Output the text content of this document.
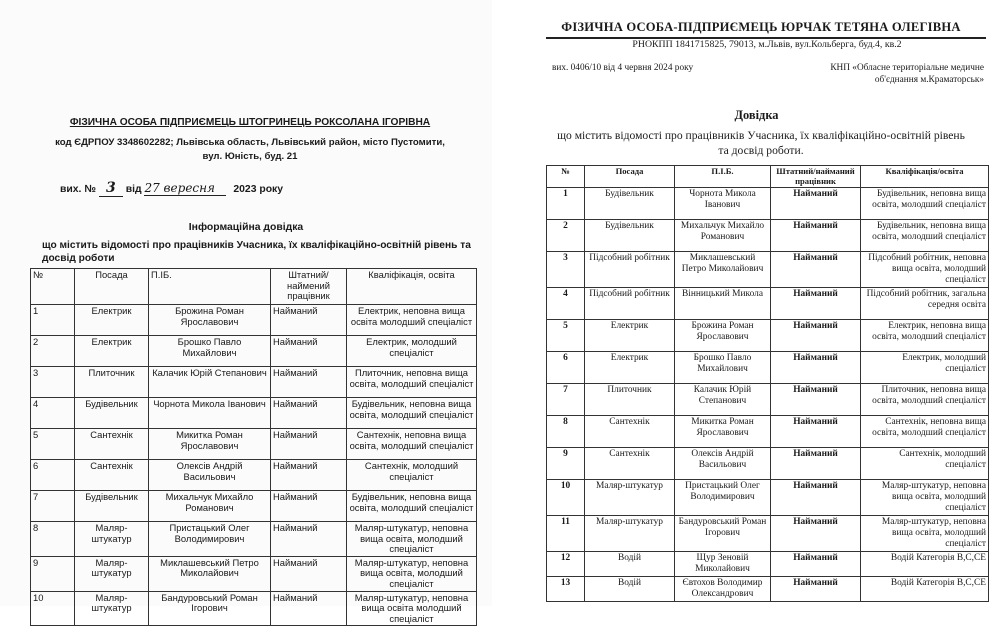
ФІЗИЧНА ОСОБА ПІДПРИЄМЕЦЬ ШТОГРИНЕЦЬ РОКСОЛАНА ІГОРІВНА
код ЄДРПОУ 3348602282; Львівська область, Львівський район, місто Пустомити,
вул. Юність, буд. 21
вих. № 3 від 27 вересня 2023 року
Інформаційна довідка
що містить відомості про працівників Учасника, їх кваліфікаційно-освітній рівень та
досвід роботи
№	Посада	П.ІБ.	Штатний/ наймений працівник	Кваліфікація, освіта
1	Електрик	Брожина Роман Ярославович	Найманий	Електрик, неповна вища освіта молодший спеціаліст
2	Електрик	Брошко Павло Михайлович	Найманий	Електрик, молодший спеціаліст
3	Плиточник	Калачик Юрій Степанович	Найманий	Плиточник, неповна вища освіта, молодший спеціаліст
4	Будівельник	Чорнота Микола Іванович	Найманий	Будівельник, неповна вища освіта, молодший спеціаліст
5	Сантехнік	Микитка Роман Ярославович	Найманий	Сантехнік, неповна вища освіта, молодший спеціаліст
6	Сантехнік	Олексів Андрій Васильович	Найманий	Сантехнік, молодший спеціаліст
7	Будівельник	Михальчук Михайло Романович	Найманий	Будівельник, неповна вища освіта, молодший спеціаліст
8	Маляр-штукатур	Пристацький Олег Володимирович	Найманий	Маляр-штукатур, неповна вища освіта, молодший спеціаліст
9	Маляр-штукатур	Миклашевський Петро Миколайович	Найманий	Маляр-штукатур, неповна вища освіта, молодший спеціаліст
10	Маляр-штукатур	Бандуровський Роман Ігорович	Найманий	Маляр-штукатур, неповна вища освіта молодший спеціаліст
ФІЗИЧНА ОСОБА-ПІДПРИЄМЕЦЬ ЮРЧАК ТЕТЯНА ОЛЕГІВНА
РНОКПП 1841715825, 79013, м.Львів, вул.Кольберга, буд.4, кв.2
вих. 0406/10 від 4 червня 2024 року	КНП «Обласне територіальне медичне
об'єднання м.Краматорськ»
Довідка
що містить відомості про працівників Учасника, їх кваліфікаційно-освітній рівень
та досвід роботи.
№	Посада	П.І.Б.	Штатний/найманий працівник	Кваліфікація/освіта
1	Будівельник	Чорнота Микола Іванович	Найманий	Будівельник, неповна вища освіта, молодший спеціаліст
2	Будівельник	Михальчук Михайло Романович	Найманий	Будівельник, неповна вища освіта, молодший спеціаліст
3	Підсобний робітник	Миклашевський Петро Миколайович	Найманий	Підсобний робітник, неповна вища освіта, молодший спеціаліст
4	Підсобний робітник	Вінницький Микола	Найманий	Підсобний робітник, загальна середня освіта
5	Електрик	Брожина Роман Ярославович	Найманий	Електрик, неповна вища освіта, молодший спеціаліст
6	Електрик	Брошко Павло Михайлович	Найманий	Електрик, молодший спеціаліст
7	Плиточник	Калачик Юрій Степанович	Найманий	Плиточник, неповна вища освіта, молодший спеціаліст
8	Сантехнік	Микитка Роман Ярославович	Найманий	Сантехнік, неповна вища освіта, молодший спеціаліст
9	Сантехнік	Олексів Андрій Васильович	Найманий	Сантехнік, молодший спеціаліст
10	Маляр-штукатур	Пристацький Олег Володимирович	Найманий	Маляр-штукатур, неповна вища освіта, молодший спеціаліст
11	Маляр-штукатур	Бандуровський Роман Ігорович	Найманий	Маляр-штукатур, неповна вища освіта, молодший спеціаліст
12	Водій	Щур Зеновій Миколайович	Найманий	Водій Категорія В,С,СЕ
13	Водій	Євтохов Володимир Олександрович	Найманий	Водій Категорія В,С,СЕ
